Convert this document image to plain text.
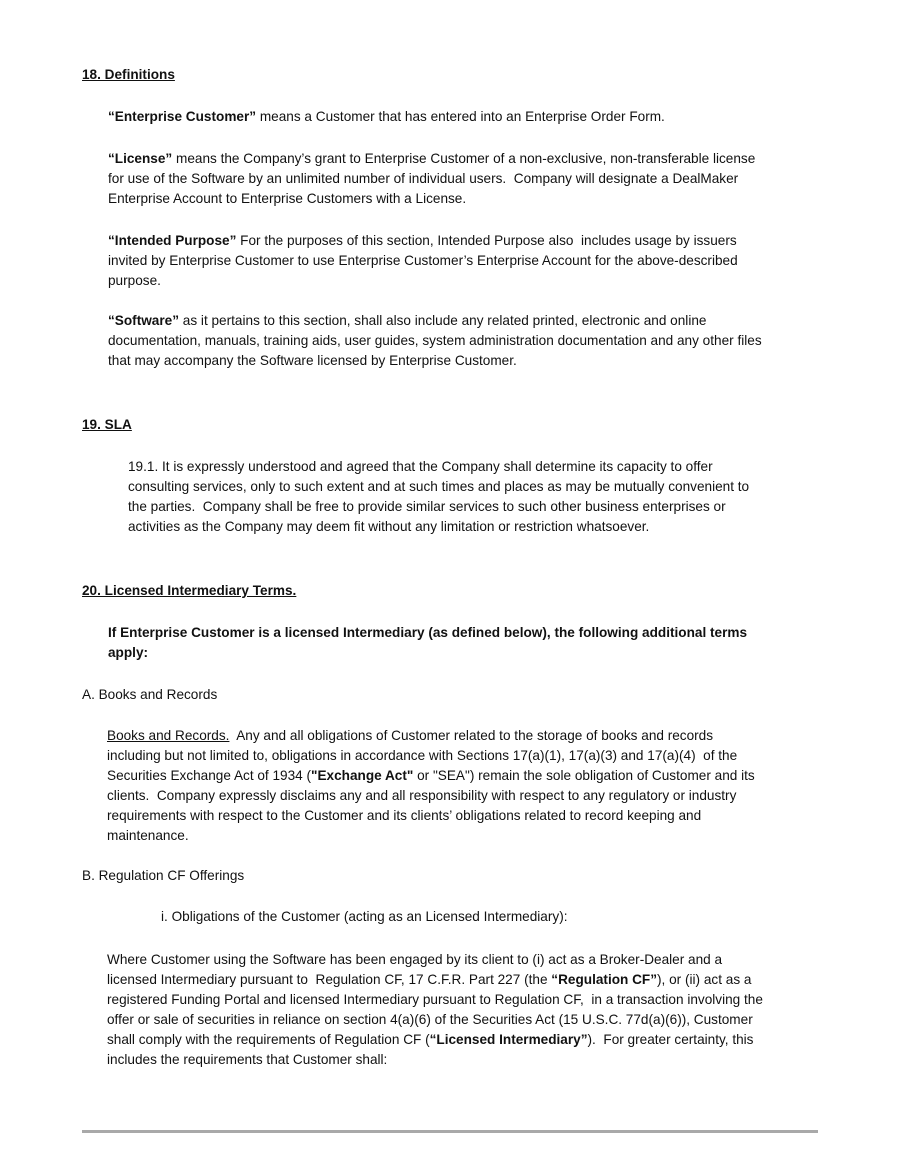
18. Definitions
“Enterprise Customer” means a Customer that has entered into an Enterprise Order Form.
“License” means the Company’s grant to Enterprise Customer of a non-exclusive, non-transferable license
for use of the Software by an unlimited number of individual users.  Company will designate a DealMaker
Enterprise Account to Enterprise Customers with a License.
“Intended Purpose” For the purposes of this section, Intended Purpose also  includes usage by issuers
invited by Enterprise Customer to use Enterprise Customer’s Enterprise Account for the above-described
purpose.
“Software” as it pertains to this section, shall also include any related printed, electronic and online
documentation, manuals, training aids, user guides, system administration documentation and any other files
that may accompany the Software licensed by Enterprise Customer.
19. SLA
19.1. It is expressly understood and agreed that the Company shall determine its capacity to offer
consulting services, only to such extent and at such times and places as may be mutually convenient to
the parties.  Company shall be free to provide similar services to such other business enterprises or
activities as the Company may deem fit without any limitation or restriction whatsoever.
20. Licensed Intermediary Terms.
If Enterprise Customer is a licensed Intermediary (as defined below), the following additional terms
apply:
A. Books and Records
Books and Records.  Any and all obligations of Customer related to the storage of books and records
including but not limited to, obligations in accordance with Sections 17(a)(1), 17(a)(3) and 17(a)(4)  of the
Securities Exchange Act of 1934 ("Exchange Act" or "SEA") remain the sole obligation of Customer and its
clients.  Company expressly disclaims any and all responsibility with respect to any regulatory or industry
requirements with respect to the Customer and its clients’ obligations related to record keeping and
maintenance.
B. Regulation CF Offerings
i. Obligations of the Customer (acting as an Licensed Intermediary):
Where Customer using the Software has been engaged by its client to (i) act as a Broker-Dealer and a
licensed Intermediary pursuant to  Regulation CF, 17 C.F.R. Part 227 (the “Regulation CF”), or (ii) act as a
registered Funding Portal and licensed Intermediary pursuant to Regulation CF,  in a transaction involving the
offer or sale of securities in reliance on section 4(a)(6) of the Securities Act (15 U.S.C. 77d(a)(6)), Customer
shall comply with the requirements of Regulation CF (“Licensed Intermediary”).  For greater certainty, this
includes the requirements that Customer shall:
